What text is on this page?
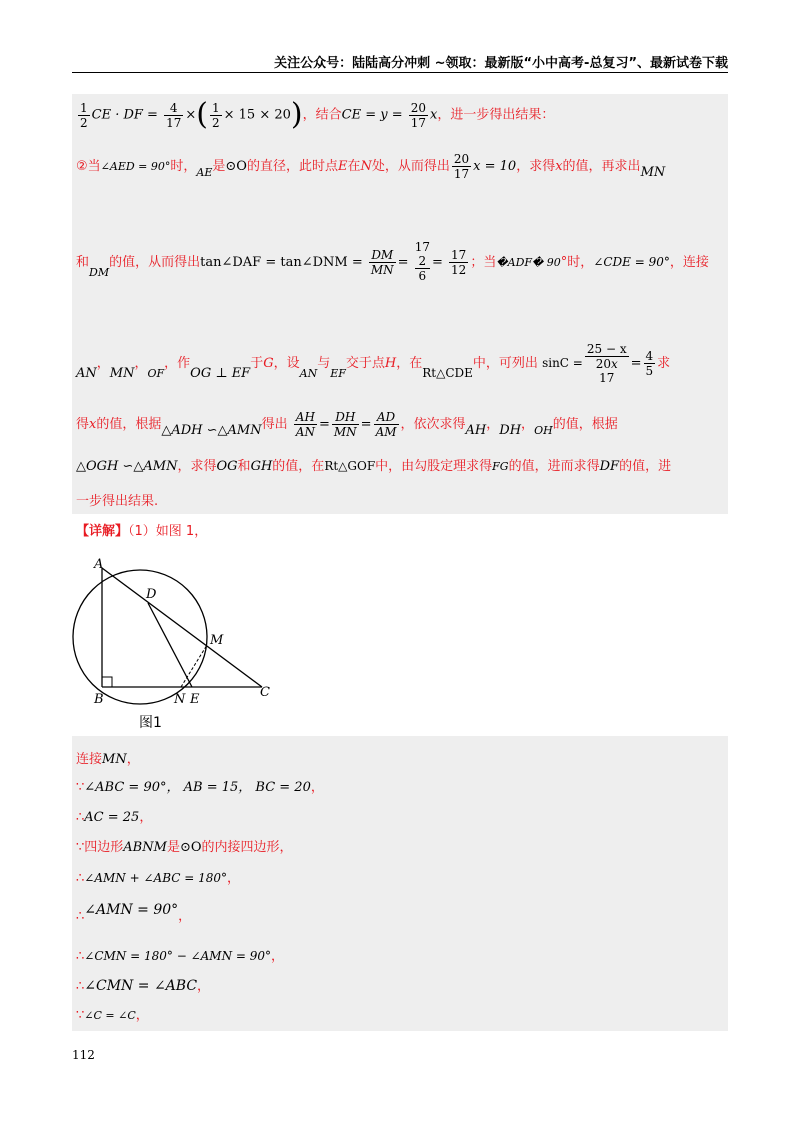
关注公众号：陆陆高分冲刺 ~领取：最新版“小中高考-总复习”、最新试卷下载
$\frac{1}{2}$ CE · DF = $\frac{4}{17}$ ×( $\frac{1}{2} \times 15 \times 20$)，结合CE = $y = \frac{20}{17}$ x，进一步得出结果：
②当∠AED = 90°时，$_{AE}$是⊙O的直径，此时点E在N处，从而得出 $\frac{20}{17}$ x = 10，求得x的值，再求出MN
和$_{DM}$的值，从而得出tan∠DAF = tan∠DNM = $\frac{DM}{MN}$ =
17
2
6
= $\frac{17}{12}$ ；当�ADF� 90°时，∠CDE = 90°，连接
AN，MN，$_{OF}$，作OG ⊥ EF于G，设$_{AN}$与$_{EF}$交于点H，在Rt△CDE中，可列出 sinC =
25 − x
20x
17
= $\frac{4}{5}$ 求
得x的值，根据△ADH ∽△AMN得出 $\frac{AH}{AN} = \frac{DH}{MN} = \frac{AD}{AM}$ ，依次求得AH，DH，$_{OH}$的值，根据
△OGH ∽△AMN，求得OG和GH的值，在Rt△GOF中，由勾股定理求得FG的值，进而求得DF的值，进
一步得出结果.
【详解】（1）如图 1，
A
D
M
B	N E	C
图1
连接MN，
∵∠ABC = 90°， AB = 15， BC = 20，
∴AC = 25，
∵四边形ABNM是⊙O的内接四边形，
∴∠AMN + ∠ABC = 180°，
∴∠AMN = 90°，
∴∠CMN = 180° − ∠AMN = 90°，
∴∠CMN = ∠ABC，
∵∠C = ∠C，
112
